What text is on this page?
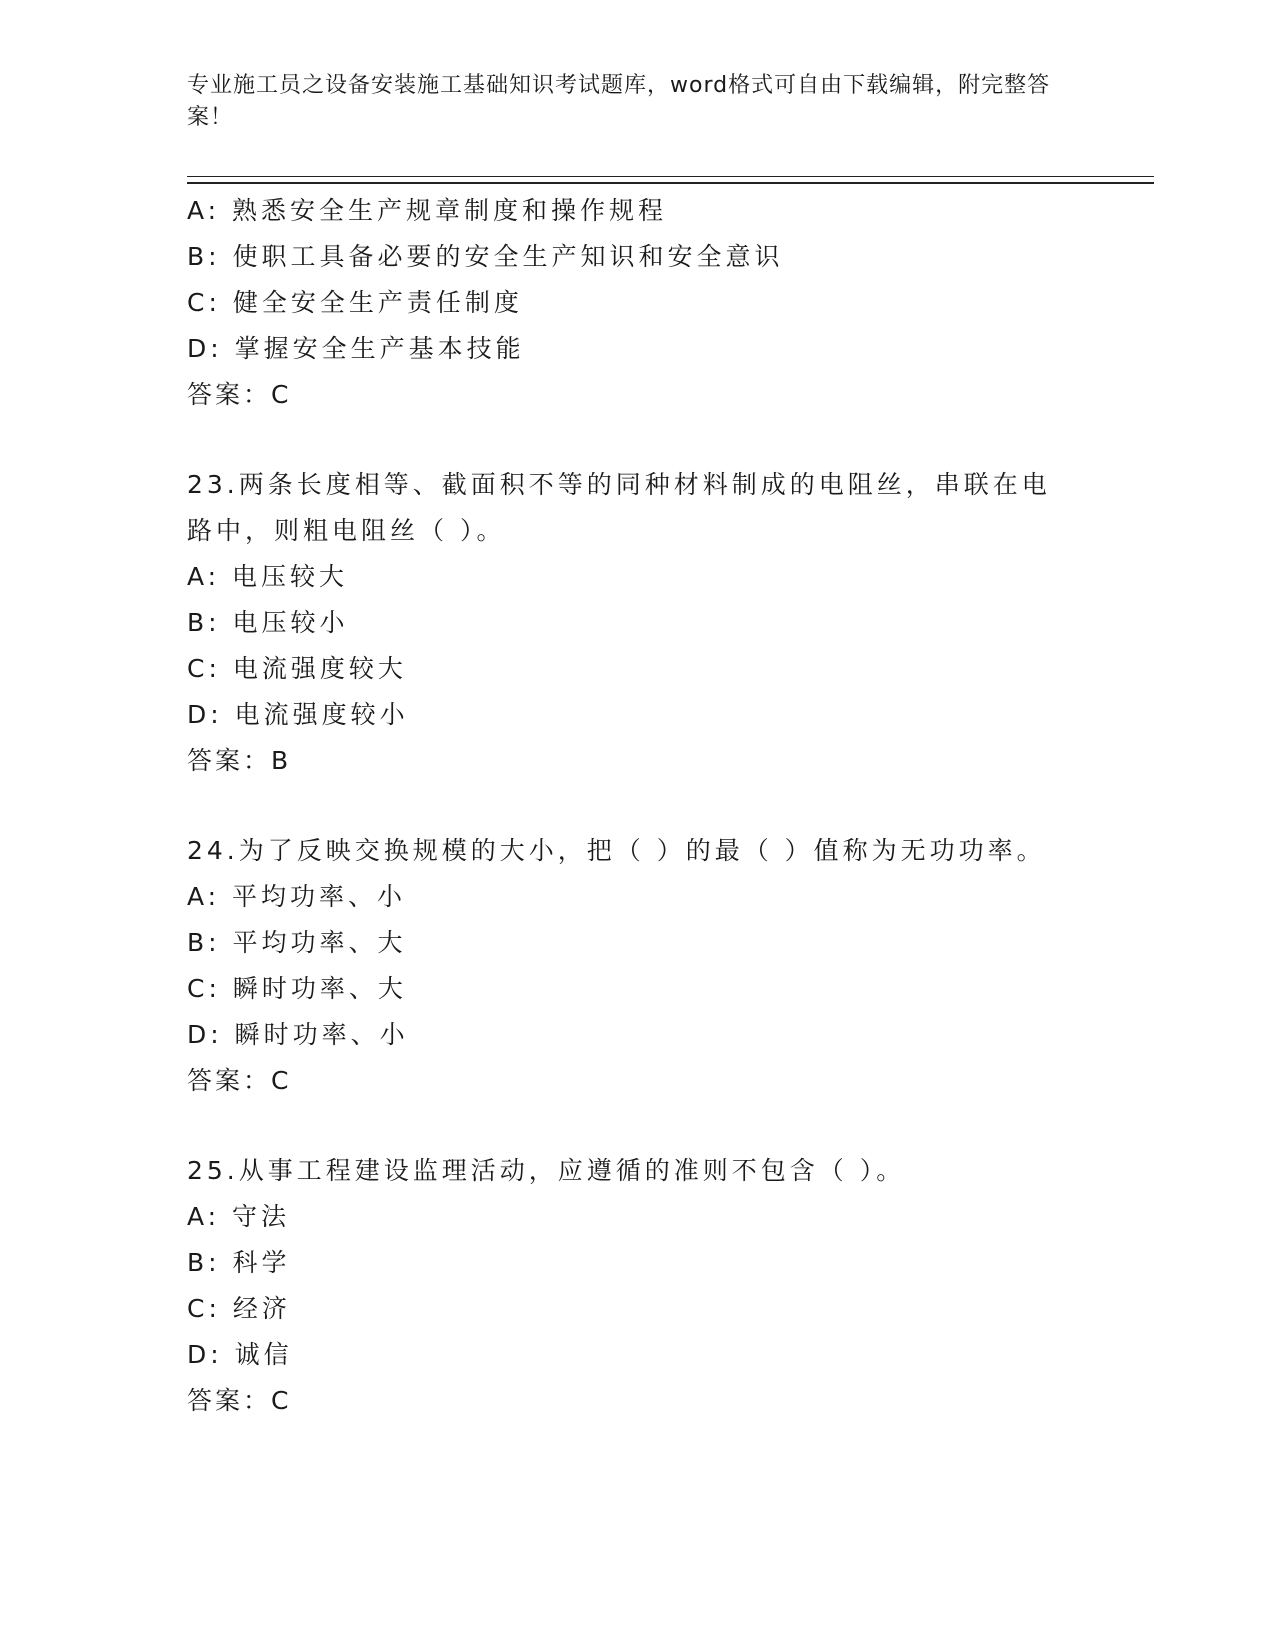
专业施工员之设备安装施工基础知识考试题库，word格式可自由下载编辑，附完整答案！
A: 熟悉安全生产规章制度和操作规程
B: 使职工具备必要的安全生产知识和安全意识
C: 健全安全生产责任制度
D: 掌握安全生产基本技能
答案：C
23.两条长度相等、截面积不等的同种材料制成的电阻丝，串联在电路中，则粗电阻丝（ ）。
A: 电压较大
B: 电压较小
C: 电流强度较大
D: 电流强度较小
答案：B
24.为了反映交换规模的大小，把（ ）的最（ ）值称为无功功率。
A: 平均功率、小
B: 平均功率、大
C: 瞬时功率、大
D: 瞬时功率、小
答案：C
25.从事工程建设监理活动，应遵循的准则不包含（ ）。
A: 守法
B: 科学
C: 经济
D: 诚信
答案：C
